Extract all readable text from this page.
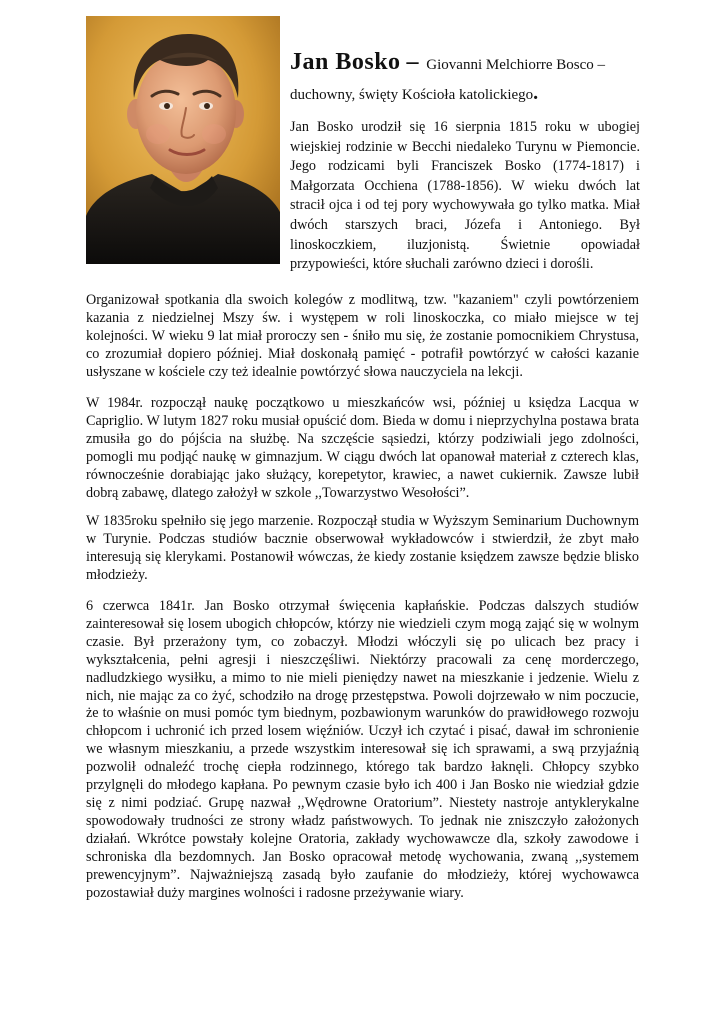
Jan Bosko – Giovanni Melchiorre Bosco –

duchowny, święty Kościoła katolickiego.

Jan Bosko urodził się 16 sierpnia 1815 roku w ubogiej wiejskiej rodzinie w Becchi niedaleko Turynu w Piemoncie. Jego rodzicami byli Franciszek Bosko (1774-1817) i Małgorzata Occhiena (1788-1856). W wieku dwóch lat stracił ojca i od tej pory wychowywała go tylko matka. Miał dwóch starszych braci, Józefa i Antoniego. Był linoskoczkiem, iluzjonistą. Świetnie opowiadał przypowieści, które słuchali zarówno dzieci i dorośli.

Organizował spotkania dla swoich kolegów z modlitwą, tzw. "kazaniem" czyli powtórzeniem kazania z niedzielnej Mszy św. i występem w roli linoskoczka, co miało miejsce w tej kolejności. W wieku 9 lat miał proroczy sen - śniło mu się, że zostanie pomocnikiem Chrystusa, co zrozumiał dopiero później. Miał doskonałą pamięć - potrafił powtórzyć w całości kazanie usłyszane w kościele czy też idealnie powtórzyć słowa nauczyciela na lekcji.

W 1984r. rozpoczął naukę początkowo u mieszkańców wsi, później u księdza Lacqua w Capriglio. W lutym 1827 roku musiał opuścić dom. Bieda w domu i nieprzychylna postawa brata zmusiła go do pójścia na służbę. Na szczęście sąsiedzi, którzy podziwiali jego zdolności, pomogli mu podjąć naukę w gimnazjum. W ciągu dwóch lat opanował materiał z czterech klas, równocześnie dorabiając jako służący, korepetytor, krawiec, a nawet cukiernik. Zawsze lubił dobrą zabawę, dlatego założył w szkole ,,Towarzystwo Wesołości”.

W 1835roku spełniło się jego marzenie. Rozpoczął studia w Wyższym Seminarium Duchownym w Turynie. Podczas studiów bacznie obserwował wykładowców i stwierdził, że zbyt mało interesują się klerykami. Postanowił wówczas, że kiedy zostanie księdzem zawsze będzie blisko młodzieży.

6 czerwca 1841r. Jan Bosko otrzymał święcenia kapłańskie. Podczas dalszych studiów zainteresował się losem ubogich chłopców, którzy nie wiedzieli czym mogą zająć się w wolnym czasie. Był przerażony tym, co zobaczył. Młodzi włóczyli się po ulicach bez pracy i wykształcenia, pełni agresji i nieszczęśliwi. Niektórzy pracowali za cenę morderczego, nadludzkiego wysiłku, a mimo to nie mieli pieniędzy nawet na mieszkanie i jedzenie. Wielu z nich, nie mając za co żyć, schodziło na drogę przestępstwa. Powoli dojrzewało w nim poczucie, że to właśnie on musi pomóc tym biednym, pozbawionym warunków do prawidłowego rozwoju chłopcom i uchronić ich przed losem więźniów. Uczył ich czytać i pisać, dawał im schronienie we własnym mieszkaniu, a przede wszystkim interesował się ich sprawami, a swą przyjaźnią pozwolił odnaleźć trochę ciepła rodzinnego, którego tak bardzo łaknęli. Chłopcy szybko przylgnęli do młodego kapłana. Po pewnym czasie było ich 400 i Jan Bosko nie wiedział gdzie się z nimi podziać. Grupę nazwał ,,Wędrowne Oratorium”. Niestety nastroje antyklerykalne spowodowały trudności ze strony władz państwowych. To jednak nie zniszczyło założonych działań. Wkrótce powstały kolejne Oratoria, zakłady wychowawcze dla, szkoły zawodowe i schroniska dla bezdomnych. Jan Bosko opracował metodę wychowania, zwaną ,,systemem prewencyjnym”. Najważniejszą zasadą było zaufanie do młodzieży, której wychowawca pozostawiał duży margines wolności i radosne przeżywanie wiary.
